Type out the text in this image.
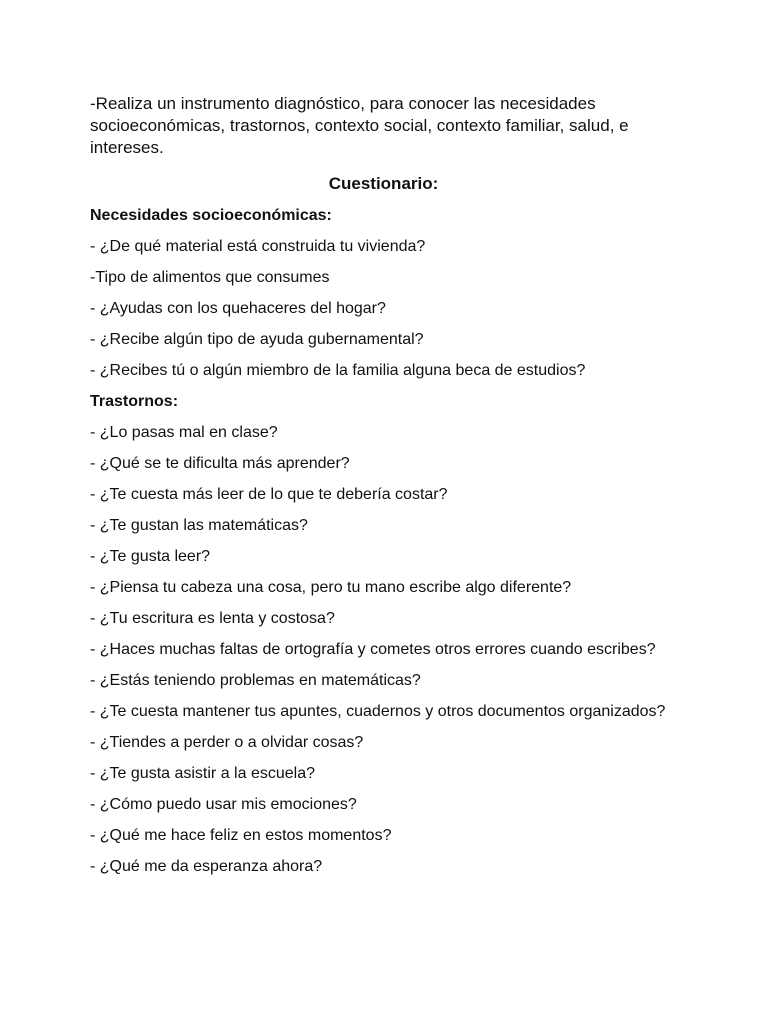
-Realiza un instrumento diagnóstico, para conocer las necesidades socioeconómicas, trastornos, contexto social, contexto familiar, salud, e intereses.

Cuestionario:

Necesidades socioeconómicas:

- ¿De qué material está construida tu vivienda?

-Tipo de alimentos que consumes

- ¿Ayudas con los quehaceres del hogar?

- ¿Recibe algún tipo de ayuda gubernamental?

- ¿Recibes tú o algún miembro de la familia alguna beca de estudios?

Trastornos:

- ¿Lo pasas mal en clase?

- ¿Qué se te dificulta más aprender?

- ¿Te cuesta más leer de lo que te debería costar?

- ¿Te gustan las matemáticas?

- ¿Te gusta leer?

- ¿Piensa tu cabeza una cosa, pero tu mano escribe algo diferente?

- ¿Tu escritura es lenta y costosa?

- ¿Haces muchas faltas de ortografía y cometes otros errores cuando escribes?

- ¿Estás teniendo problemas en matemáticas?

- ¿Te cuesta mantener tus apuntes, cuadernos y otros documentos organizados?

- ¿Tiendes a perder o a olvidar cosas?

- ¿Te gusta asistir a la escuela?

- ¿Cómo puedo usar mis emociones?

- ¿Qué me hace feliz en estos momentos?

- ¿Qué me da esperanza ahora?
